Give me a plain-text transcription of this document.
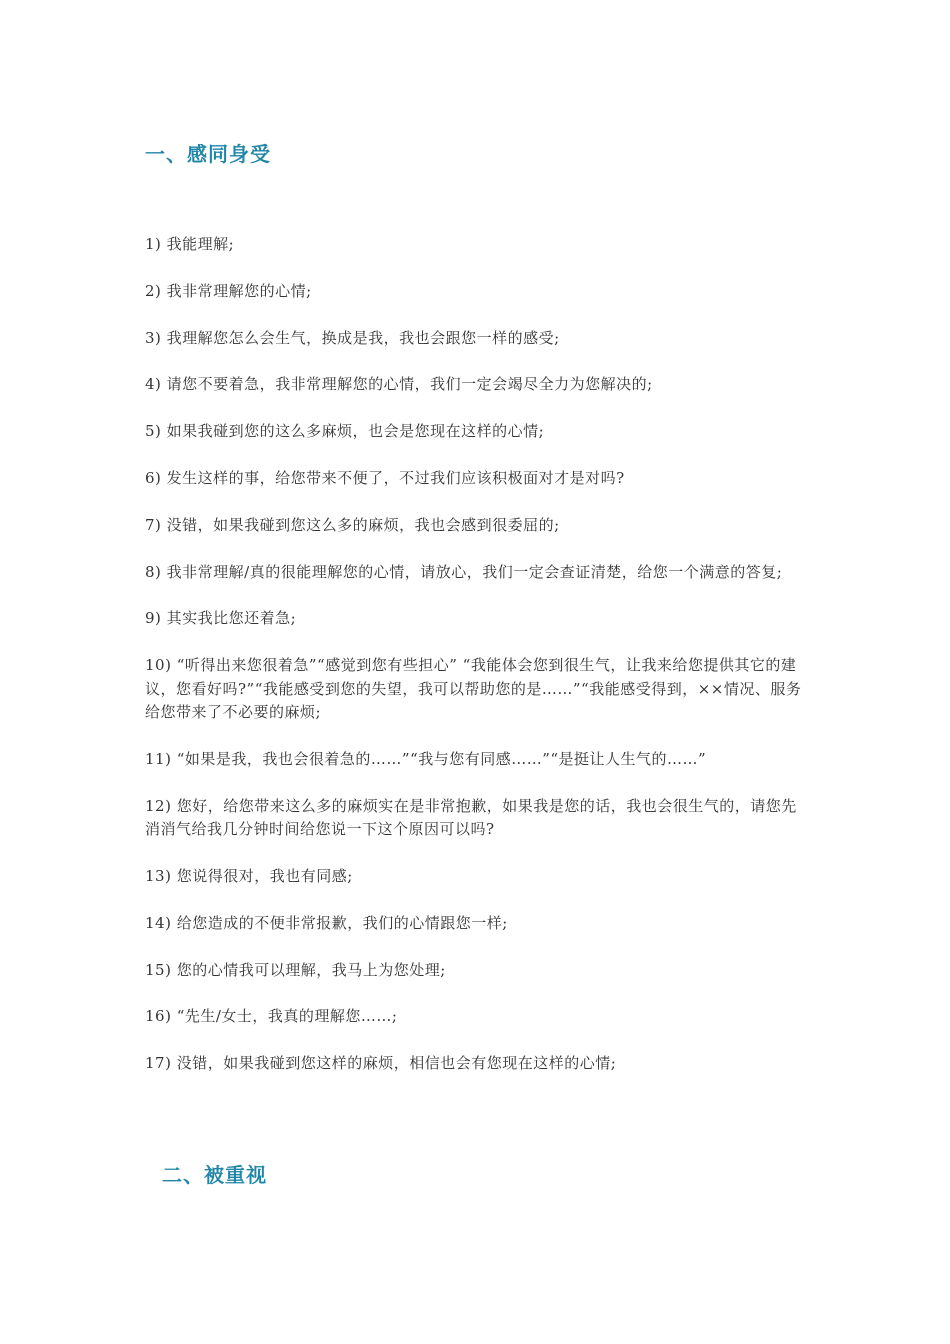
一、感同身受
1) 我能理解;
2) 我非常理解您的心情;
3) 我理解您怎么会生气，换成是我，我也会跟您一样的感受;
4) 请您不要着急，我非常理解您的心情，我们一定会竭尽全力为您解决的;
5) 如果我碰到您的这么多麻烦，也会是您现在这样的心情;
6) 发生这样的事，给您带来不便了，不过我们应该积极面对才是对吗?
7) 没错，如果我碰到您这么多的麻烦，我也会感到很委屈的;
8) 我非常理解/真的很能理解您的心情，请放心，我们一定会查证清楚，给您一个满意的答复;
9) 其实我比您还着急;
10) “听得出来您很着急”“感觉到您有些担心” “我能体会您到很生气，让我来给您提供其它的建议，您看好吗?”“我能感受到您的失望，我可以帮助您的是……”“我能感受得到，××情况、服务给您带来了不必要的麻烦;
11) “如果是我，我也会很着急的……”“我与您有同感……”“是挺让人生气的……”
12) 您好，给您带来这么多的麻烦实在是非常抱歉，如果我是您的话，我也会很生气的，请您先消消气给我几分钟时间给您说一下这个原因可以吗?
13) 您说得很对，我也有同感;
14) 给您造成的不便非常报歉，我们的心情跟您一样;
15) 您的心情我可以理解，我马上为您处理;
16) “先生/女士，我真的理解您……;
17) 没错，如果我碰到您这样的麻烦，相信也会有您现在这样的心情;
二、被重视
